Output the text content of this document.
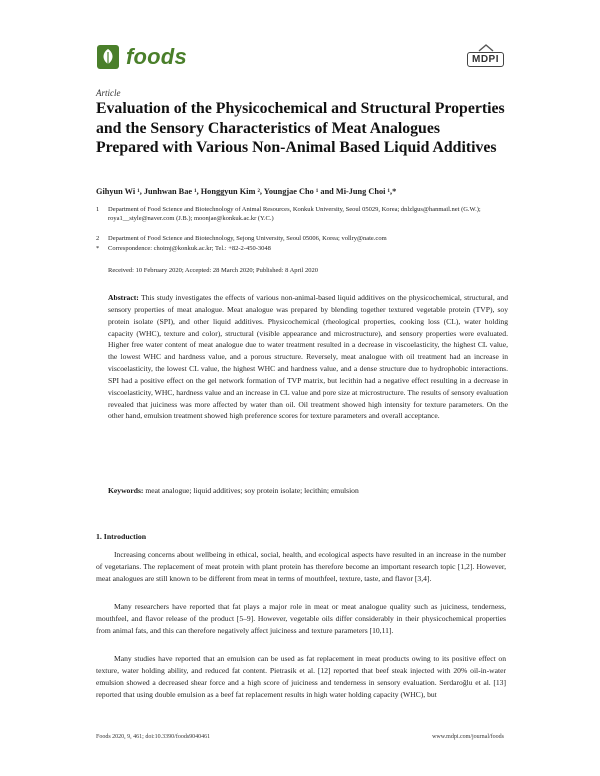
foods	MDPI
Article
Evaluation of the Physicochemical and Structural Properties and the Sensory Characteristics of Meat Analogues Prepared with Various Non-Animal Based Liquid Additives
Gihyun Wi ¹, Junhwan Bae ¹, Honggyun Kim ², Youngjae Cho ¹ and Mi-Jung Choi ¹,*
1 Department of Food Science and Biotechnology of Animal Resources, Konkuk University, Seoul 05029, Korea; dnlzlgus@hanmail.net (G.W.); roya1__style@naver.com (J.B.); moonjae@konkuk.ac.kr (Y.C.)
2 Department of Food Science and Biotechnology, Sejong University, Seoul 05006, Korea; vollry@nate.com
* Correspondence: choimj@konkuk.ac.kr; Tel.: +82-2-450-3048
Received: 10 February 2020; Accepted: 28 March 2020; Published: 8 April 2020
Abstract: This study investigates the effects of various non-animal-based liquid additives on the physicochemical, structural, and sensory properties of meat analogue. Meat analogue was prepared by blending together textured vegetable protein (TVP), soy protein isolate (SPI), and other liquid additives. Physicochemical (rheological properties, cooking loss (CL), water holding capacity (WHC), texture and color), structural (visible appearance and microstructure), and sensory properties were evaluated. Higher free water content of meat analogue due to water treatment resulted in a decrease in viscoelasticity, the highest CL value, the lowest WHC and hardness value, and a porous structure. Reversely, meat analogue with oil treatment had an increase in viscoelasticity, the lowest CL value, the highest WHC and hardness value, and a dense structure due to hydrophobic interactions. SPI had a positive effect on the gel network formation of TVP matrix, but lecithin had a negative effect resulting in a decrease in viscoelasticity, WHC, hardness value and an increase in CL value and pore size at microstructure. The results of sensory evaluation revealed that juiciness was more affected by water than oil. Oil treatment showed high intensity for texture parameters. On the other hand, emulsion treatment showed high preference scores for texture parameters and overall acceptance.
Keywords: meat analogue; liquid additives; soy protein isolate; lecithin; emulsion
1. Introduction
Increasing concerns about wellbeing in ethical, social, health, and ecological aspects have resulted in an increase in the number of vegetarians. The replacement of meat protein with plant protein has therefore become an important research topic [1,2]. However, meat analogues are still known to be different from meat in terms of mouthfeel, texture, taste, and flavor [3,4].
Many researchers have reported that fat plays a major role in meat or meat analogue quality such as juiciness, tenderness, mouthfeel, and flavor release of the product [5–9]. However, vegetable oils differ considerably in their physicochemical properties from animal fats, and this can therefore negatively affect juiciness and texture parameters [10,11].
Many studies have reported that an emulsion can be used as fat replacement in meat products owing to its positive effect on texture, water holding ability, and reduced fat content. Pietrasik et al. [12] reported that beef steak injected with 20% oil-in-water emulsion showed a decreased shear force and a high score of juiciness and tenderness in sensory evaluation. Serdaroğlu et al. [13] reported that using double emulsion as a beef fat replacement results in high water holding capacity (WHC), but
Foods 2020, 9, 461; doi:10.3390/foods9040461	www.mdpi.com/journal/foods
